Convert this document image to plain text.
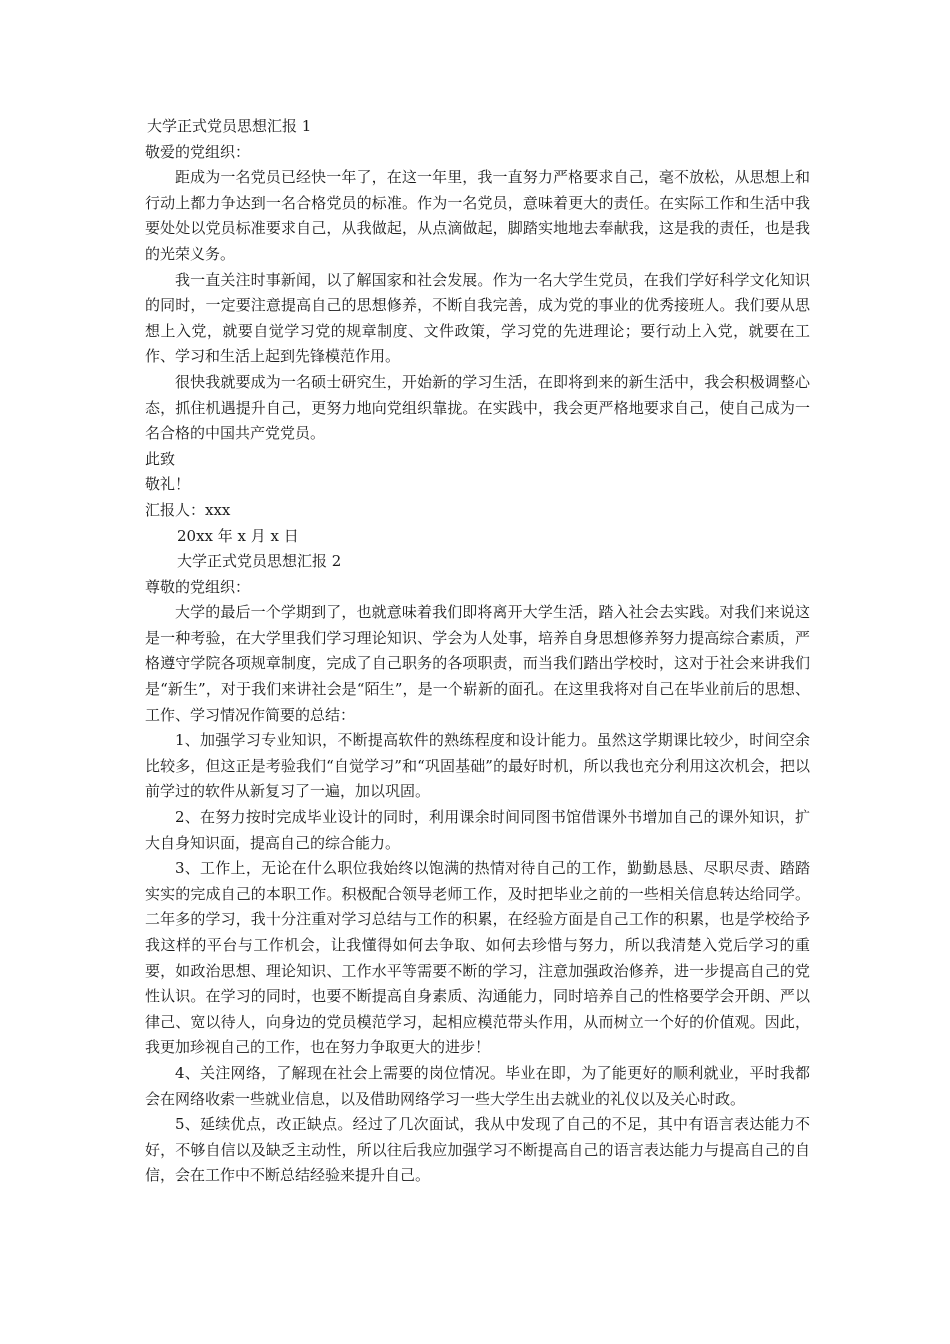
大学正式党员思想汇报 1
敬爱的党组织：

距成为一名党员已经快一年了，在这一年里，我一直努力严格要求自己，毫不放松，从思想上和行动上都力争达到一名合格党员的标准。作为一名党员，意味着更大的责任。在实际工作和生活中我要处处以党员标准要求自己，从我做起，从点滴做起，脚踏实地地去奉献我，这是我的责任，也是我的光荣义务。

我一直关注时事新闻，以了解国家和社会发展。作为一名大学生党员，在我们学好科学文化知识的同时，一定要注意提高自己的思想修养，不断自我完善，成为党的事业的优秀接班人。我们要从思想上入党，就要自觉学习党的规章制度、文件政策，学习党的先进理论；要行动上入党，就要在工作、学习和生活上起到先锋模范作用。

很快我就要成为一名硕士研究生，开始新的学习生活，在即将到来的新生活中，我会积极调整心态，抓住机遇提升自己，更努力地向党组织靠拢。在实践中，我会更严格地要求自己，使自己成为一名合格的中国共产党党员。

此致
敬礼！
汇报人：xxx
20xx 年 x 月 x 日
大学正式党员思想汇报 2
尊敬的党组织：

大学的最后一个学期到了，也就意味着我们即将离开大学生活，踏入社会去实践。对我们来说这是一种考验，在大学里我们学习理论知识、学会为人处事，培养自身思想修养努力提高综合素质，严格遵守学院各项规章制度，完成了自己职务的各项职责，而当我们踏出学校时，这对于社会来讲我们是“新生”，对于我们来讲社会是“陌生”，是一个崭新的面孔。在这里我将对自己在毕业前后的思想、工作、学习情况作简要的总结：

1、加强学习专业知识，不断提高软件的熟练程度和设计能力。虽然这学期课比较少，时间空余比较多，但这正是考验我们“自觉学习”和“巩固基础”的最好时机，所以我也充分利用这次机会，把以前学过的软件从新复习了一遍，加以巩固。

2、在努力按时完成毕业设计的同时，利用课余时间同图书馆借课外书增加自己的课外知识，扩大自身知识面，提高自己的综合能力。

3、工作上，无论在什么职位我始终以饱满的热情对待自己的工作，勤勤恳恳、尽职尽责、踏踏实实的完成自己的本职工作。积极配合领导老师工作，及时把毕业之前的一些相关信息转达给同学。二年多的学习，我十分注重对学习总结与工作的积累，在经验方面是自己工作的积累，也是学校给予我这样的平台与工作机会，让我懂得如何去争取、如何去珍惜与努力，所以我清楚入党后学习的重要，如政治思想、理论知识、工作水平等需要不断的学习，注意加强政治修养，进一步提高自己的党性认识。在学习的同时，也要不断提高自身素质、沟通能力，同时培养自己的性格要学会开朗、严以律己、宽以待人，向身边的党员模范学习，起相应模范带头作用，从而树立一个好的价值观。因此，我更加珍视自己的工作，也在努力争取更大的进步！

4、关注网络，了解现在社会上需要的岗位情况。毕业在即，为了能更好的顺利就业，平时我都会在网络收索一些就业信息，以及借助网络学习一些大学生出去就业的礼仪以及关心时政。

5、延续优点，改正缺点。经过了几次面试，我从中发现了自己的不足，其中有语言表达能力不好，不够自信以及缺乏主动性，所以往后我应加强学习不断提高自己的语言表达能力与提高自己的自信，会在工作中不断总结经验来提升自己。
